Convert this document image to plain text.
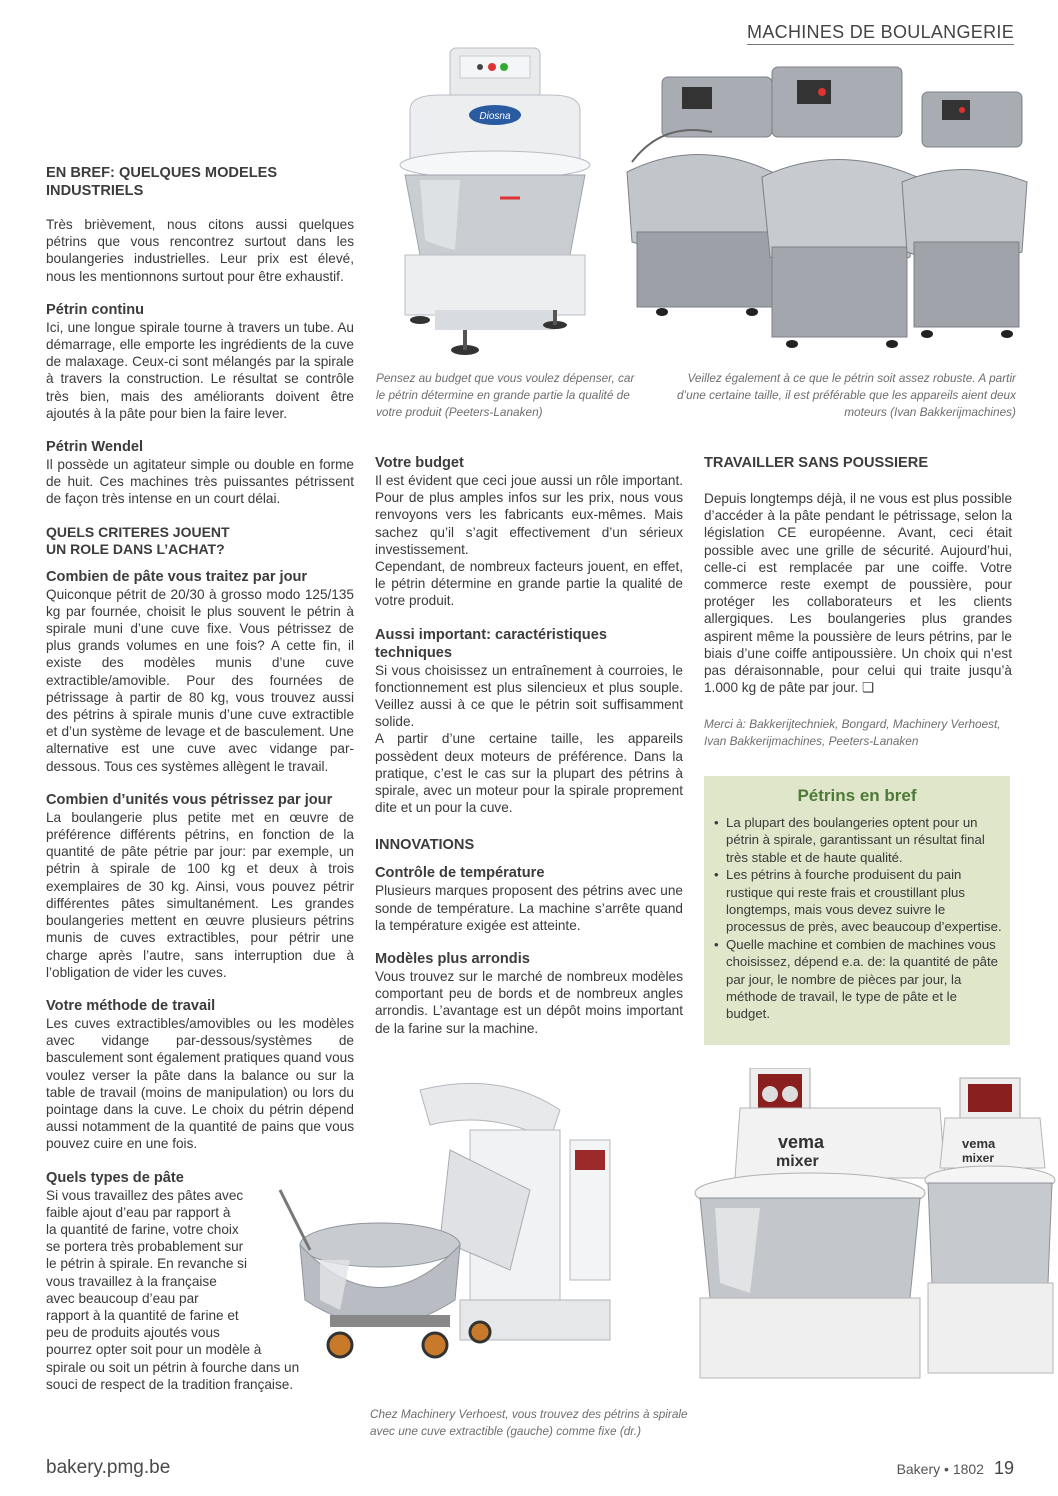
MACHINES DE BOULANGERIE
Diosna
Pensez au budget que vous voulez dépenser, car le pétrin détermine en grande partie la qualité de votre produit (Peeters-Lanaken)
Veillez également à ce que le pétrin soit assez robuste. A partir d’une certaine taille, il est préférable que les appareils aient deux moteurs (Ivan Bakkerijmachines)
EN BREF: QUELQUES MODELES INDUSTRIELS

Très brièvement, nous citons aussi quelques pétrins que vous rencontrez surtout dans les boulangeries industrielles. Leur prix est élevé, nous les mentionnons surtout pour être exhaustif.

Pétrin continu

Ici, une longue spirale tourne à travers un tube. Au démarrage, elle emporte les ingrédients de la cuve de malaxage. Ceux-ci sont mélangés par la spirale à travers la construction. Le résultat se contrôle très bien, mais des améliorants doivent être ajoutés à la pâte pour bien la faire lever.

Pétrin Wendel

Il possède un agitateur simple ou double en forme de huit. Ces machines très puissantes pétrissent de façon très intense en un court délai.

QUELS CRITERES JOUENT
UN ROLE DANS L’ACHAT?
Combien de pâte vous traitez par jour

Quiconque pétrit de 20/30 à grosso modo 125/135 kg par fournée, choisit le plus souvent le pétrin à spirale muni d’une cuve fixe. Vous pétrissez de plus grands volumes en une fois? A cette fin, il existe des modèles munis d’une cuve extractible/amovible. Pour des fournées de pétrissage à partir de 80 kg, vous trouvez aussi des pétrins à spirale munis d’une cuve extractible et d’un système de levage et de basculement. Une alternative est une cuve avec vidange par-dessous. Tous ces systèmes allègent le travail.

Combien d’unités vous pétrissez par jour

La boulangerie plus petite met en œuvre de préférence différents pétrins, en fonction de la quantité de pâte pétrie par jour: par exemple, un pétrin à spirale de 100 kg et deux à trois exemplaires de 30 kg. Ainsi, vous pouvez pétrir différentes pâtes simultanément. Les grandes boulangeries mettent en œuvre plusieurs pétrins munis de cuves extractibles, pour pétrir une charge après l’autre, sans interruption due à l’obligation de vider les cuves.

Votre méthode de travail

Les cuves extractibles/amovibles ou les modèles avec vidange par-dessous/systèmes de basculement sont également pratiques quand vous voulez verser la pâte dans la balance ou sur la table de travail (moins de manipulation) ou lors du pointage dans la cuve. Le choix du pétrin dépend aussi notamment de la quantité de pains que vous pouvez cuire en une fois.

Quels types de pâte
Si vous travaillez des pâtes avec
faible ajout d’eau par rapport à
la quantité de farine, votre choix
se portera très probablement sur
le pétrin à spirale. En revanche si
vous travaillez à la française
avec beaucoup d’eau par
rapport à la quantité de farine et
peu de produits ajoutés vous
pourrez opter soit pour un modèle à
spirale ou soit un pétrin à fourche dans un
souci de respect de la tradition française.
Votre budget

Il est évident que ceci joue aussi un rôle important. Pour de plus amples infos sur les prix, nous vous renvoyons vers les fabricants eux-mêmes. Mais sachez qu’il s’agit effectivement d’un sérieux investissement.

Cependant, de nombreux facteurs jouent, en effet, le pétrin détermine en grande partie la qualité de votre produit.

Aussi important: caractéristiques techniques

Si vous choisissez un entraînement à courroies, le fonctionnement est plus silencieux et plus souple. Veillez aussi à ce que le pétrin soit suffisamment solide.

A partir d’une certaine taille, les appareils possèdent deux moteurs de préférence. Dans la pratique, c’est le cas sur la plupart des pétrins à spirale, avec un moteur pour la spirale proprement dite et un pour la cuve.

INNOVATIONS
Contrôle de température

Plusieurs marques proposent des pétrins avec une sonde de température. La machine s’arrête quand la température exigée est atteinte.

Modèles plus arrondis

Vous trouvez sur le marché de nombreux modèles comportant peu de bords et de nombreux angles arrondis. L’avantage est un dépôt moins important de la farine sur la machine.

TRAVAILLER SANS POUSSIERE

Depuis longtemps déjà, il ne vous est plus possible d’accéder à la pâte pendant le pétrissage, selon la législation CE européenne. Avant, ceci était possible avec une grille de sécurité. Aujourd’hui, celle-ci est remplacée par une coiffe. Votre commerce reste exempt de poussière, pour protéger les collaborateurs et les clients allergiques. Les boulangeries plus grandes aspirent même la poussière de leurs pétrins, par le biais d’une coiffe antipoussière. Un choix qui n’est pas déraisonnable, pour celui qui traite jusqu’à 1.000 kg de pâte par jour. ❏

Merci à: Bakkerijtechniek, Bongard, Machinery Verhoest, Ivan Bakkerijmachines, Peeters-Lanaken

Pétrins en bref
• La plupart des boulangeries optent pour un pétrin à spirale, garantissant un résultat final très stable et de haute qualité.
• Les pétrins à fourche produisent du pain rustique qui reste frais et croustillant plus longtemps, mais vous devez suivre le processus de près, avec beaucoup d’expertise.
• Quelle machine et combien de machines vous choisissez, dépend e.a. de: la quantité de pâte par jour, le nombre de pièces par jour, la méthode de travail, le type de pâte et le budget.
vema
mixer
vema
mixer
Chez Machinery Verhoest, vous trouvez des pétrins à spirale avec une cuve extractible (gauche) comme fixe (dr.)
bakery.pmg.be	Bakery • 1802 19
